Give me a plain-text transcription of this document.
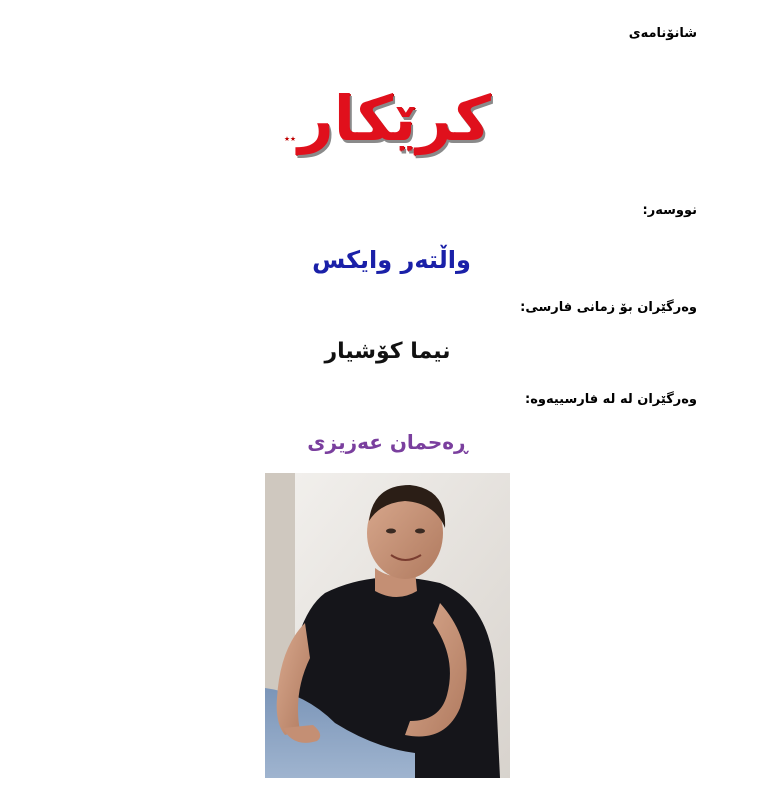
شانۆنامەی
کرێکار
٭٭
نووسەر:
واڵتەر وایکس
وەرگێران بۆ زمانی فارسی:
نیما کۆشیار
وەرگێران لە لە فارسییەوە:
ڕەحمان عەزیزی
